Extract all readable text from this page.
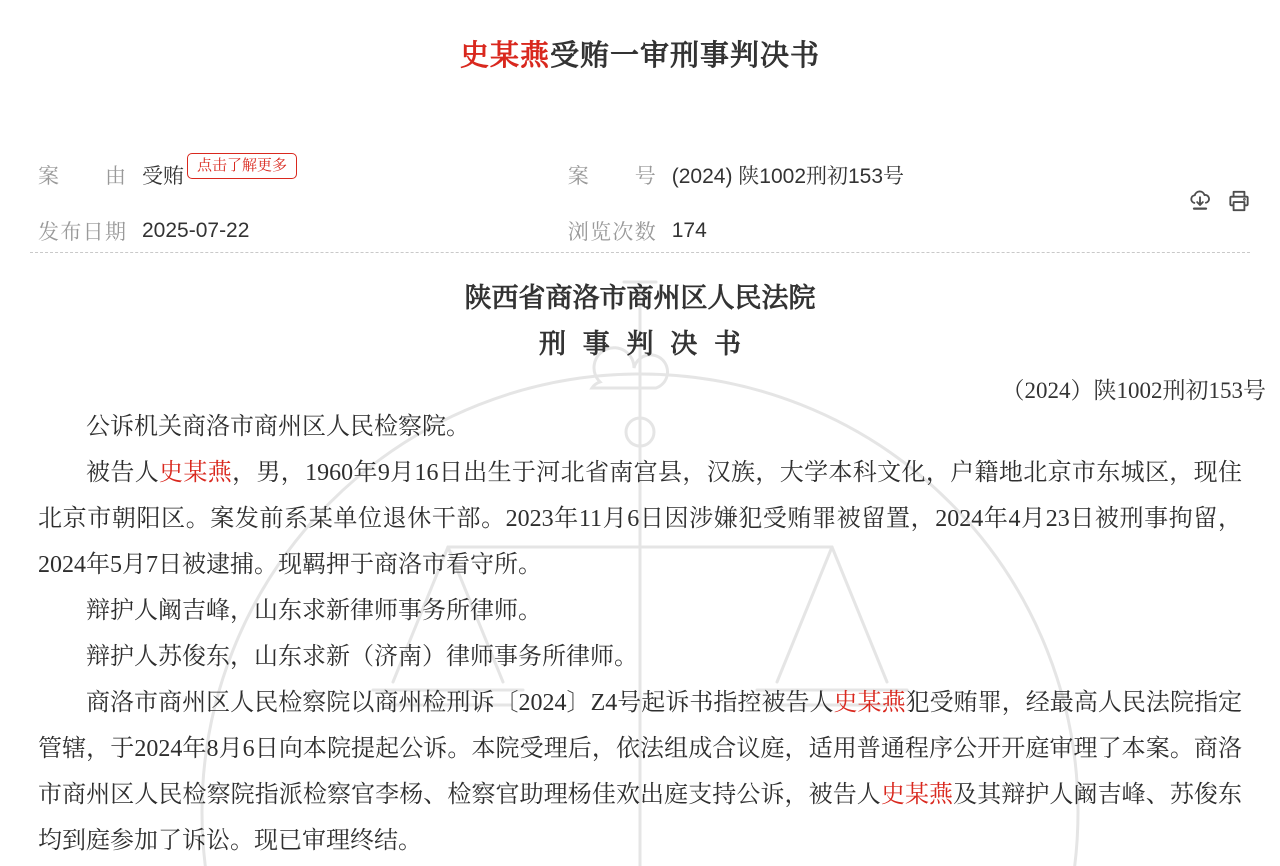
史某燕受贿一审刑事判决书
案由 受贿 点击了解更多	案号 (2024) 陕1002刑初153号
发布日期 2025-07-22	浏览次数 174
陕西省商洛市商州区人民法院
刑事判决书

（2024）陕1002刑初153号

公诉机关商洛市商州区人民检察院。

被告人史某燕，男，1960年9月16日出生于河北省南宫县，汉族，大学本科文化，户籍地北京市东城区，现住北京市朝阳区。案发前系某单位退休干部。2023年11月6日因涉嫌犯受贿罪被留置，2024年4月23日被刑事拘留，2024年5月7日被逮捕。现羁押于商洛市看守所。

辩护人阚吉峰，山东求新律师事务所律师。

辩护人苏俊东，山东求新（济南）律师事务所律师。

商洛市商州区人民检察院以商州检刑诉〔2024〕Z4号起诉书指控被告人史某燕犯受贿罪，经最高人民法院指定管辖，于2024年8月6日向本院提起公诉。本院受理后，依法组成合议庭，适用普通程序公开开庭审理了本案。商洛市商州区人民检察院指派检察官李杨、检察官助理杨佳欢出庭支持公诉，被告人史某燕及其辩护人阚吉峰、苏俊东均到庭参加了诉讼。现已审理终结。
